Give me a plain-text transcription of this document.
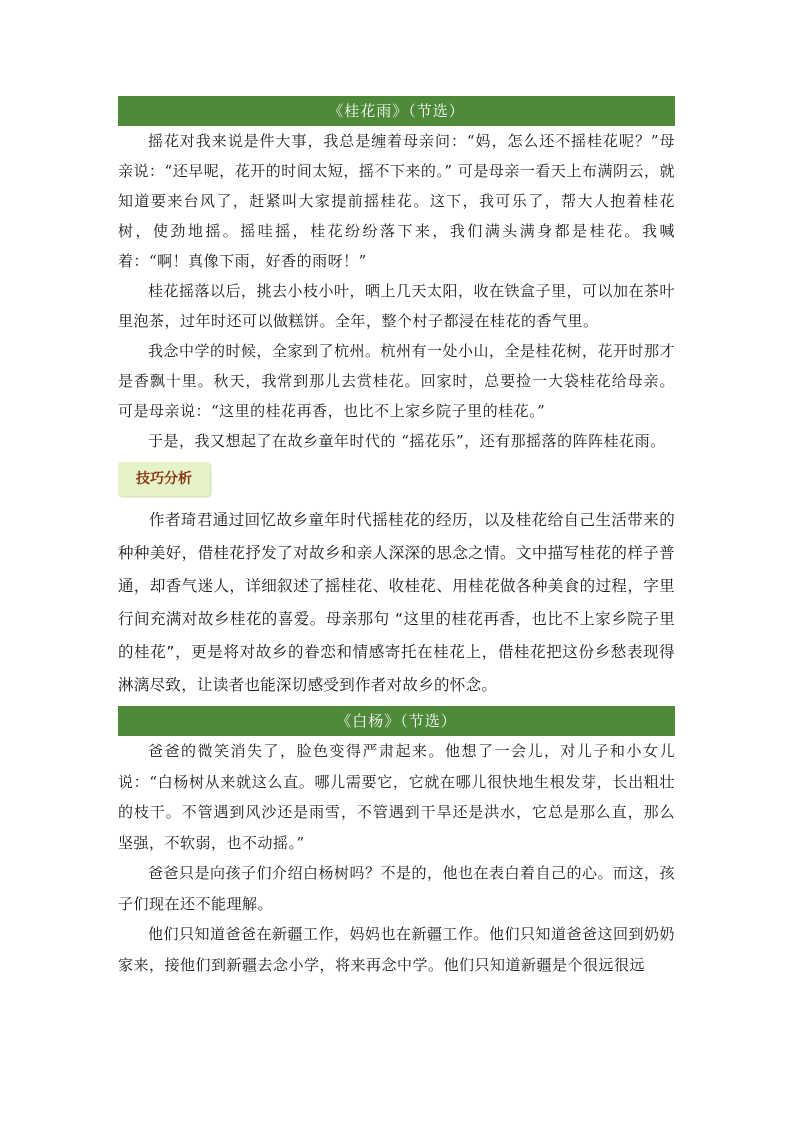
《桂花雨》（节选）

摇花对我来说是件大事，我总是缠着母亲问：“妈，怎么还不摇桂花呢？”母亲说：“还早呢，花开的时间太短，摇不下来的。” 可是母亲一看天上布满阴云，就知道要来台风了，赶紧叫大家提前摇桂花。这下，我可乐了，帮大人抱着桂花树，使劲地摇。摇哇摇，桂花纷纷落下来，我们满头满身都是桂花。我喊着：“啊！真像下雨，好香的雨呀！”

桂花摇落以后，挑去小枝小叶，晒上几天太阳，收在铁盒子里，可以加在茶叶里泡茶，过年时还可以做糕饼。全年，整个村子都浸在桂花的香气里。

我念中学的时候，全家到了杭州。杭州有一处小山，全是桂花树，花开时那才是香飘十里。秋天，我常到那儿去赏桂花。回家时，总要捡一大袋桂花给母亲。可是母亲说：“这里的桂花再香，也比不上家乡院子里的桂花。”

于是，我又想起了在故乡童年时代的 “摇花乐”，还有那摇落的阵阵桂花雨。

技巧分析

作者琦君通过回忆故乡童年时代摇桂花的经历，以及桂花给自己生活带来的种种美好，借桂花抒发了对故乡和亲人深深的思念之情。文中描写桂花的样子普通，却香气迷人，详细叙述了摇桂花、收桂花、用桂花做各种美食的过程，字里行间充满对故乡桂花的喜爱。母亲那句 “这里的桂花再香，也比不上家乡院子里的桂花”，更是将对故乡的眷恋和情感寄托在桂花上，借桂花把这份乡愁表现得淋漓尽致，让读者也能深切感受到作者对故乡的怀念。

《白杨》（节选）

爸爸的微笑消失了，脸色变得严肃起来。他想了一会儿，对儿子和小女儿说：“白杨树从来就这么直。哪儿需要它，它就在哪儿很快地生根发芽，长出粗壮的枝干。不管遇到风沙还是雨雪，不管遇到干旱还是洪水，它总是那么直，那么坚强，不软弱，也不动摇。”

爸爸只是向孩子们介绍白杨树吗？不是的，他也在表白着自己的心。而这，孩子们现在还不能理解。

他们只知道爸爸在新疆工作，妈妈也在新疆工作。他们只知道爸爸这回到奶奶家来，接他们到新疆去念小学，将来再念中学。他们只知道新疆是个很远很远
